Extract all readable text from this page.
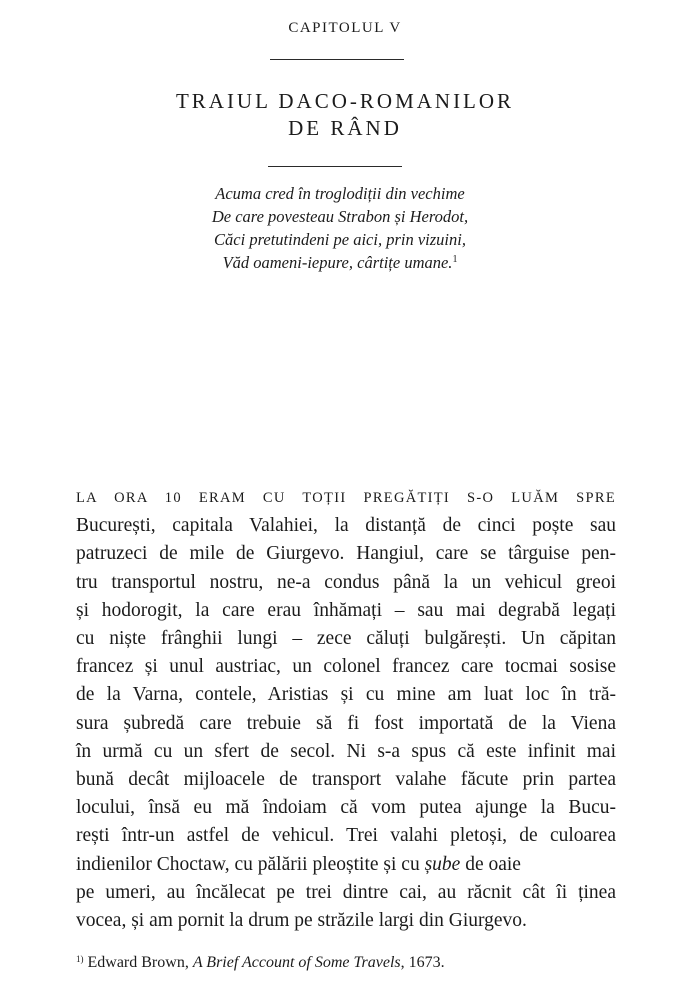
CAPITOLUL V
TRAIUL DACO-ROMANILOR
DE RÂND
Acuma cred în troglodiții din vechime
De care povesteau Strabon și Herodot,
Căci pretutindeni pe aici, prin vizuini,
Văd oameni-iepure, cârtițe umane.$^1$
LA ORA 10 ERAM CU TOȚII PREGĂTIȚI S-O LUĂM SPRE
București, capitala Valahiei, la distanță de cinci poște sau
patruzeci de mile de Giurgevo. Hangiul, care se târguise pen-
tru transportul nostru, ne-a condus până la un vehicul greoi
și hodorogit, la care erau înhămați – sau mai degrabă legați
cu niște frânghii lungi – zece căluți bulgărești. Un căpitan
francez și unul austriac, un colonel francez care tocmai sosise
de la Varna, contele, Aristias și cu mine am luat loc în tră-
sura șubredă care trebuie să fi fost importată de la Viena
în urmă cu un sfert de secol. Ni s-a spus că este infinit mai
bună decât mijloacele de transport valahe făcute prin partea
locului, însă eu mă îndoiam că vom putea ajunge la Bucu-
rești într-un astfel de vehicul. Trei valahi pletoși, de culoarea
indienilor Choctaw, cu pălării pleoștite și cu șube de oaie
pe umeri, au încălecat pe trei dintre cai, au răcnit cât îi ținea
vocea, și am pornit la drum pe străzile largi din Giurgevo.
$^{1)}$ Edward Brown, A Brief Account of Some Travels, 1673.
